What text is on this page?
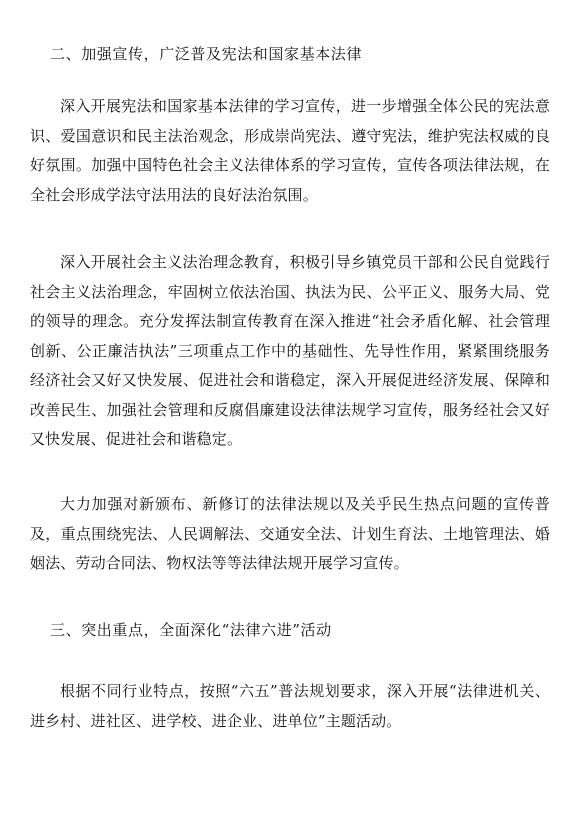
二、加强宣传，广泛普及宪法和国家基本法律

深入开展宪法和国家基本法律的学习宣传，进一步增强全体公民的宪法意识、爱国意识和民主法治观念，形成崇尚宪法、遵守宪法，维护宪法权威的良好氛围。加强中国特色社会主义法律体系的学习宣传，宣传各项法律法规，在全社会形成学法守法用法的良好法治氛围。

深入开展社会主义法治理念教育，积极引导乡镇党员干部和公民自觉践行社会主义法治理念，牢固树立依法治国、执法为民、公平正义、服务大局、党的领导的理念。充分发挥法制宣传教育在深入推进“社会矛盾化解、社会管理创新、公正廉洁执法”三项重点工作中的基础性、先导性作用，紧紧围绕服务经济社会又好又快发展、促进社会和谐稳定，深入开展促进经济发展、保障和改善民生、加强社会管理和反腐倡廉建设法律法规学习宣传，服务经社会又好又快发展、促进社会和谐稳定。

大力加强对新颁布、新修订的法律法规以及关乎民生热点问题的宣传普及，重点围绕宪法、人民调解法、交通安全法、计划生育法、土地管理法、婚姻法、劳动合同法、物权法等等法律法规开展学习宣传。

三、突出重点，全面深化“法律六进”活动

根据不同行业特点，按照“六五”普法规划要求，深入开展“法律进机关、进乡村、进社区、进学校、进企业、进单位”主题活动。
